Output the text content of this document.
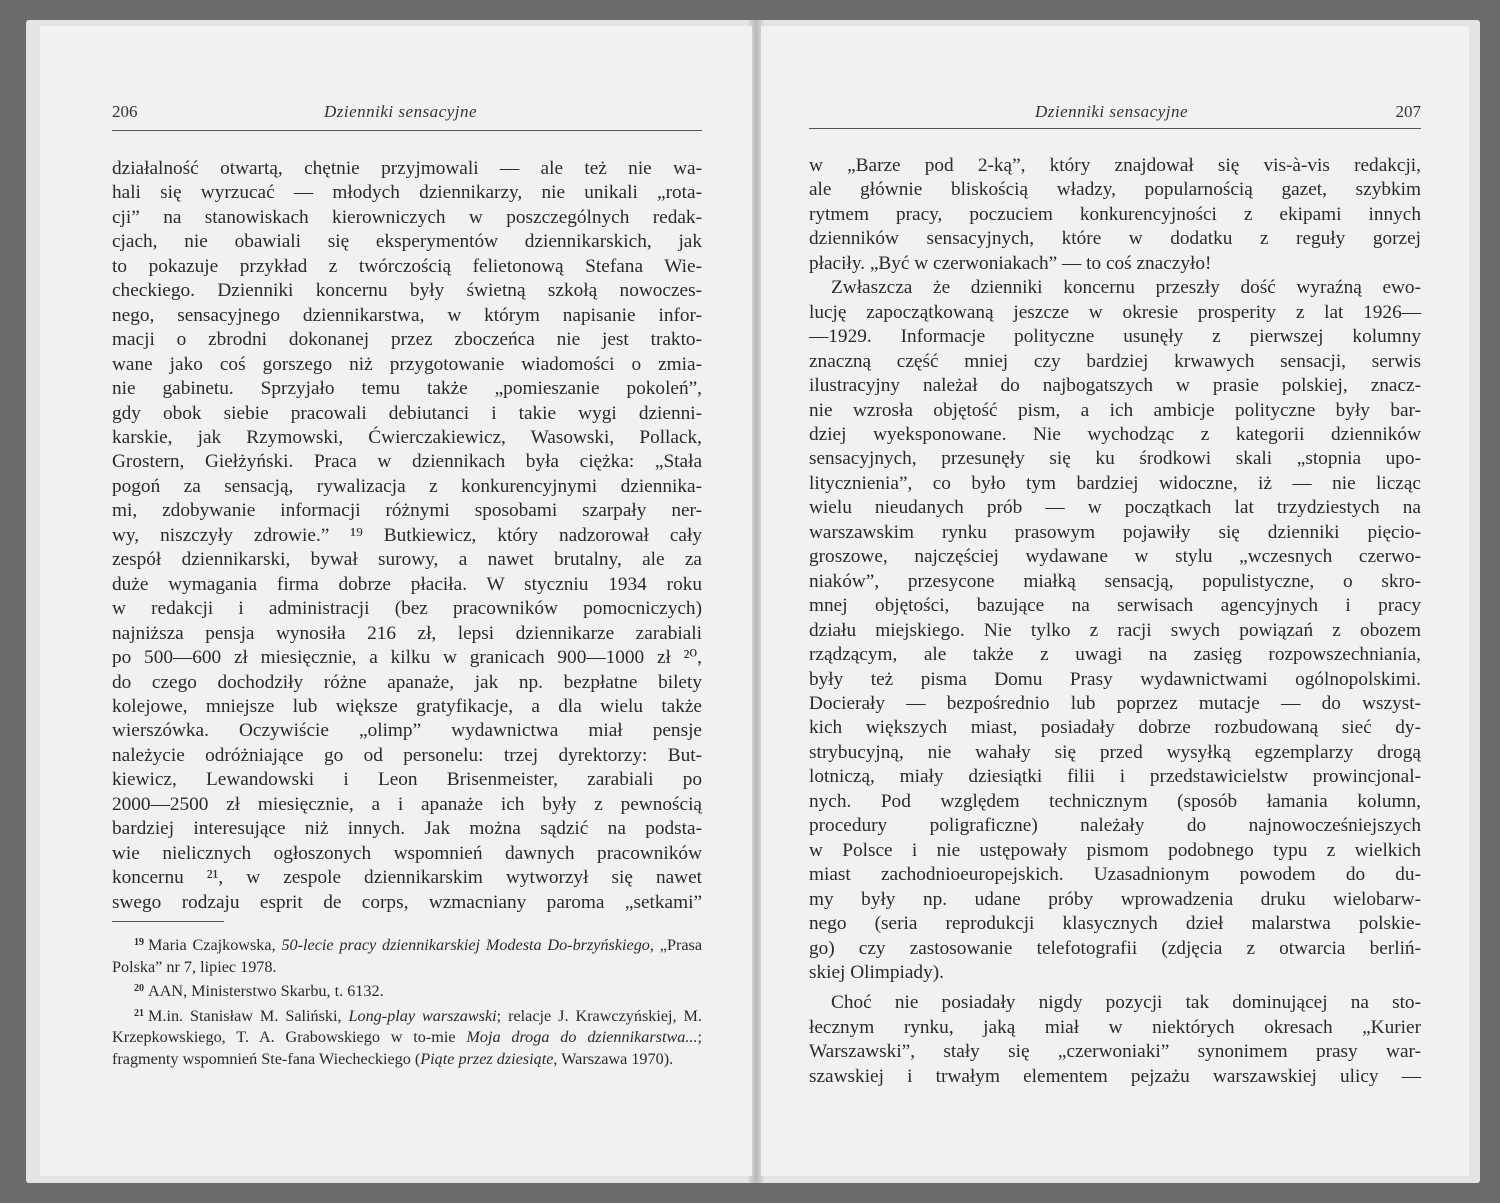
206	Dzienniki sensacyjne

działalność otwartą, chętnie przyjmowali — ale też nie wa-

hali się wyrzucać — młodych dziennikarzy, nie unikali „rota-

cji” na stanowiskach kierowniczych w poszczególnych redak-

cjach, nie obawiali się eksperymentów dziennikarskich, jak

to pokazuje przykład z twórczością felietonową Stefana Wie-

checkiego. Dzienniki koncernu były świetną szkołą nowoczes-

nego, sensacyjnego dziennikarstwa, w którym napisanie infor-

macji o zbrodni dokonanej przez zboczeńca nie jest trakto-

wane jako coś gorszego niż przygotowanie wiadomości o zmia-

nie gabinetu. Sprzyjało temu także „pomieszanie pokoleń”,

gdy obok siebie pracowali debiutanci i takie wygi dzienni-

karskie, jak Rzymowski, Ćwierczakiewicz, Wasowski, Pollack,

Grostern, Giełżyński. Praca w dziennikach była ciężka: „Stała

pogoń za sensacją, rywalizacja z konkurencyjnymi dziennika-

mi, zdobywanie informacji różnymi sposobami szarpały ner-

wy, niszczyły zdrowie.” ¹⁹ Butkiewicz, który nadzorował cały

zespół dziennikarski, bywał surowy, a nawet brutalny, ale za

duże wymagania firma dobrze płaciła. W styczniu 1934 roku

w redakcji i administracji (bez pracowników pomocniczych)

najniższa pensja wynosiła 216 zł, lepsi dziennikarze zarabiali

po 500—600 zł miesięcznie, a kilku w granicach 900—1000 zł ²⁰,

do czego dochodziły różne apanaże, jak np. bezpłatne bilety

kolejowe, mniejsze lub większe gratyfikacje, a dla wielu także

wierszówka. Oczywiście „olimp” wydawnictwa miał pensje

należycie odróżniające go od personelu: trzej dyrektorzy: But-

kiewicz, Lewandowski i Leon Brisenmeister, zarabiali po

2000—2500 zł miesięcznie, a i apanaże ich były z pewnością

bardziej interesujące niż innych. Jak można sądzić na podsta-

wie nielicznych ogłoszonych wspomnień dawnych pracowników

koncernu ²¹, w zespole dziennikarskim wytworzył się nawet

swego rodzaju esprit de corps, wzmacniany paroma „setkami”

$^{19}$ Maria Czajkowska, 50-lecie pracy dziennikarskiej Modesta Do-brzyńskiego, „Prasa Polska” nr 7, lipiec 1978.

$^{20}$ AAN, Ministerstwo Skarbu, t. 6132.

$^{21}$ M.in. Stanisław M. Saliński, Long-play warszawski; relacje J. Krawczyńskiej, M. Krzepkowskiego, T. A. Grabowskiego w to-mie Moja droga do dziennikarstwa...; fragmenty wspomnień Ste-fana Wiecheckiego (Piąte przez dziesiąte, Warszawa 1970).

Dzienniki sensacyjne	207

w „Barze pod 2-ką”, który znajdował się vis-à-vis redakcji,

ale głównie bliskością władzy, popularnością gazet, szybkim

rytmem pracy, poczuciem konkurencyjności z ekipami innych

dzienników sensacyjnych, które w dodatku z reguły gorzej

płaciły. „Być w czerwoniakach” — to coś znaczyło!

Zwłaszcza że dzienniki koncernu przeszły dość wyraźną ewo-

lucję zapoczątkowaną jeszcze w okresie prosperity z lat 1926—

—1929. Informacje polityczne usunęły z pierwszej kolumny

znaczną część mniej czy bardziej krwawych sensacji, serwis

ilustracyjny należał do najbogatszych w prasie polskiej, znacz-

nie wzrosła objętość pism, a ich ambicje polityczne były bar-

dziej wyeksponowane. Nie wychodząc z kategorii dzienników

sensacyjnych, przesunęły się ku środkowi skali „stopnia upo-

litycznienia”, co było tym bardziej widoczne, iż — nie licząc

wielu nieudanych prób — w początkach lat trzydziestych na

warszawskim rynku prasowym pojawiły się dzienniki pięcio-

groszowe, najczęściej wydawane w stylu „wczesnych czerwo-

niaków”, przesycone miałką sensacją, populistyczne, o skro-

mnej objętości, bazujące na serwisach agencyjnych i pracy

działu miejskiego. Nie tylko z racji swych powiązań z obozem

rządzącym, ale także z uwagi na zasięg rozpowszechniania,

były też pisma Domu Prasy wydawnictwami ogólnopolskimi.

Docierały — bezpośrednio lub poprzez mutacje — do wszyst-

kich większych miast, posiadały dobrze rozbudowaną sieć dy-

strybucyjną, nie wahały się przed wysyłką egzemplarzy drogą

lotniczą, miały dziesiątki filii i przedstawicielstw prowincjonal-

nych. Pod względem technicznym (sposób łamania kolumn,

procedury poligraficzne) należały do najnowocześniejszych

w Polsce i nie ustępowały pismom podobnego typu z wielkich

miast zachodnioeuropejskich. Uzasadnionym powodem do du-

my były np. udane próby wprowadzenia druku wielobarw-

nego (seria reprodukcji klasycznych dzieł malarstwa polskie-

go) czy zastosowanie telefotografii (zdjęcia z otwarcia berliń-

skiej Olimpiady).

Choć nie posiadały nigdy pozycji tak dominującej na sto-

łecznym rynku, jaką miał w niektórych okresach „Kurier

Warszawski”, stały się „czerwoniaki” synonimem prasy war-

szawskiej i trwałym elementem pejzażu warszawskiej ulicy —
